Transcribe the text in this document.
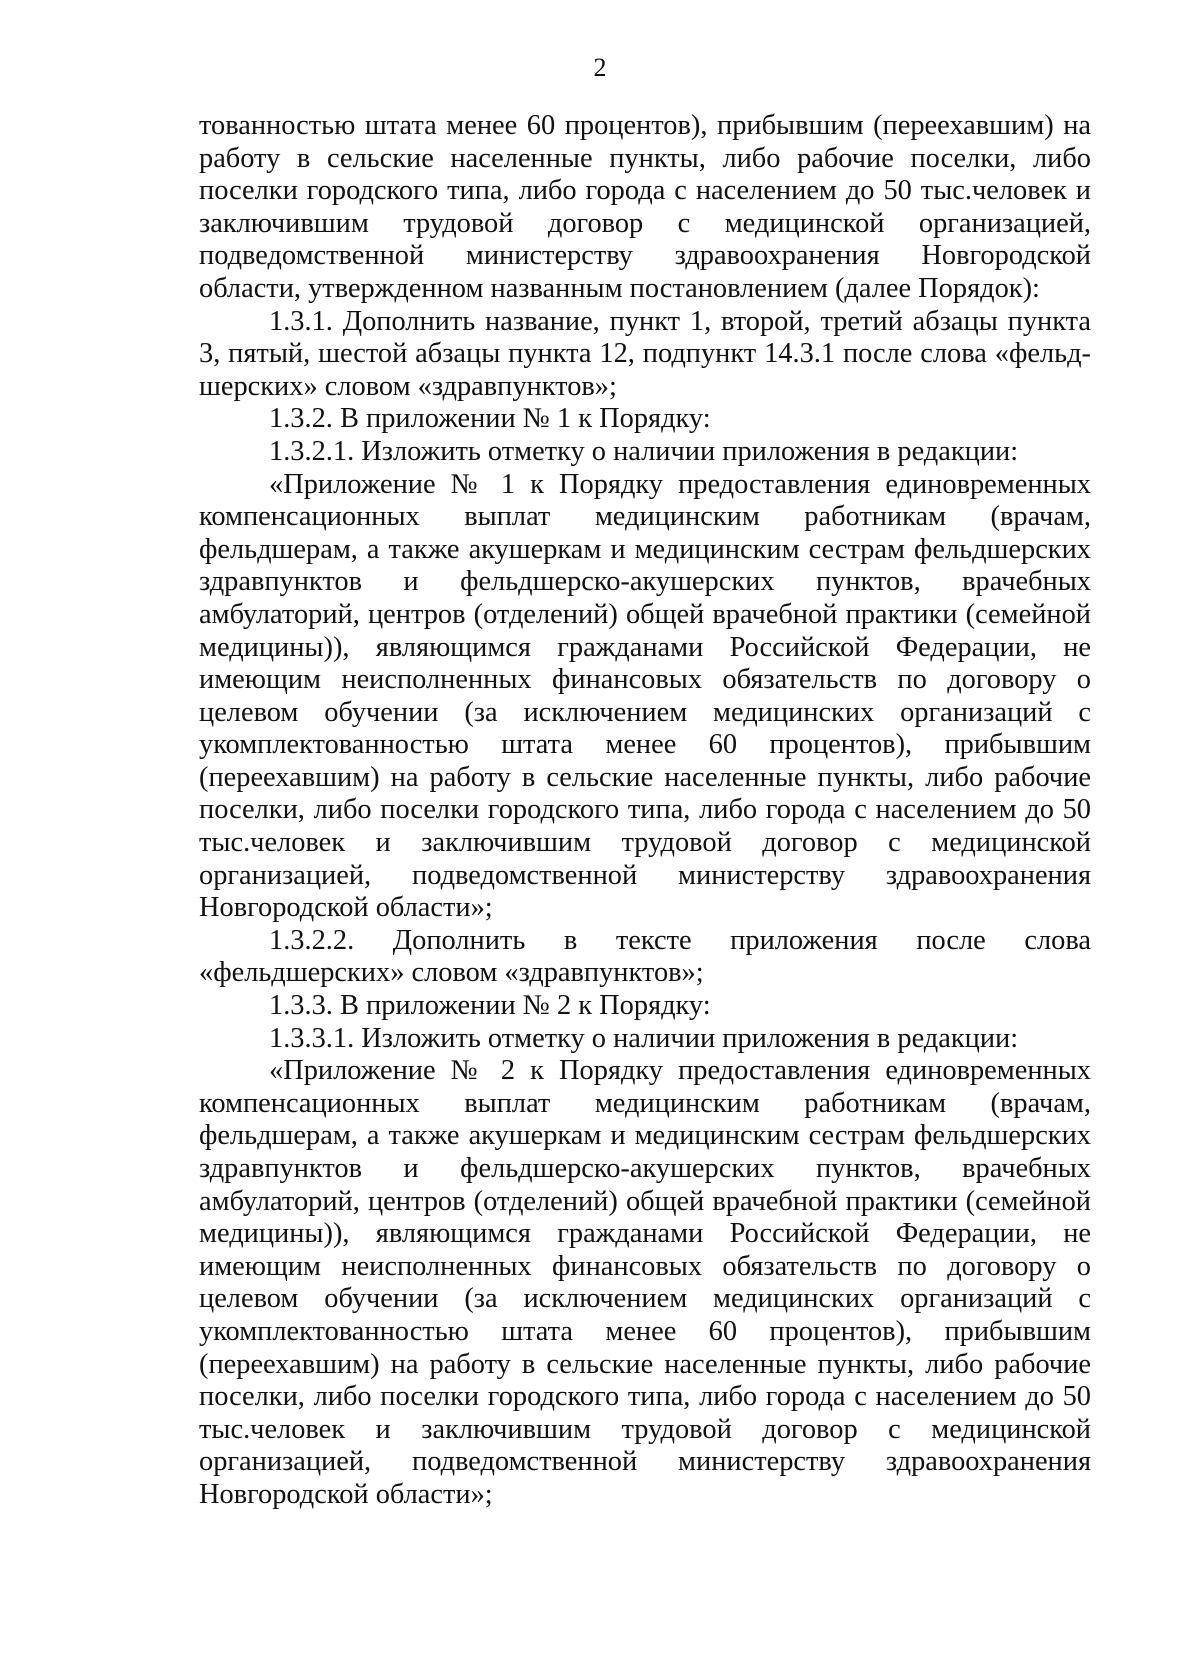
2

тованностью штата менее 60 процентов), прибывшим (переехавшим) на работу в сельские населенные пункты, либо рабочие поселки, либо поселки городского типа, либо города с населением до 50 тыс.человек и заключившим трудовой договор с медицинской организацией, подведомственной министерству здравоохранения Новгородской области, утвержденном названным постановлением (далее Порядок):

1.3.1. Дополнить название, пункт 1, второй, третий абзацы пункта 3, пятый, шестой абзацы пункта 12, подпункт 14.3.1 после слова «фельдшерских» словом «здравпунктов»;

1.3.2. В приложении № 1 к Порядку:

1.3.2.1. Изложить отметку о наличии приложения в редакции:

«Приложение № 1 к Порядку предоставления единовременных компенсационных выплат медицинским работникам (врачам, фельдшерам, а также акушеркам и медицинским сестрам фельдшерских здравпунктов и фельдшерско-акушерских пунктов, врачебных амбулаторий, центров (отделений) общей врачебной практики (семейной медицины)), являющимся гражданами Российской Федерации, не имеющим неисполненных финансовых обязательств по договору о целевом обучении (за исключением медицинских организаций с укомплектованностью штата менее 60 процентов), прибывшим (переехавшим) на работу в сельские населенные пункты, либо рабочие поселки, либо поселки городского типа, либо города с населением до 50 тыс.человек и заключившим трудовой договор с медицинской организацией, подведомственной министерству здравоохранения Новгородской области»;

1.3.2.2. Дополнить в тексте приложения после слова «фельдшерских» словом «здравпунктов»;

1.3.3. В приложении № 2 к Порядку:

1.3.3.1. Изложить отметку о наличии приложения в редакции:

«Приложение № 2 к Порядку предоставления единовременных компенсационных выплат медицинским работникам (врачам, фельдшерам, а также акушеркам и медицинским сестрам фельдшерских здравпунктов и фельдшерско-акушерских пунктов, врачебных амбулаторий, центров (отделений) общей врачебной практики (семейной медицины)), являющимся гражданами Российской Федерации, не имеющим неисполненных финансовых обязательств по договору о целевом обучении (за исключением медицинских организаций с укомплектованностью штата менее 60 процентов), прибывшим (переехавшим) на работу в сельские населенные пункты, либо рабочие поселки, либо поселки городского типа, либо города с населением до 50 тыс.человек и заключившим трудовой договор с медицинской организацией, подведомственной министерству здравоохранения Новгородской области»;
